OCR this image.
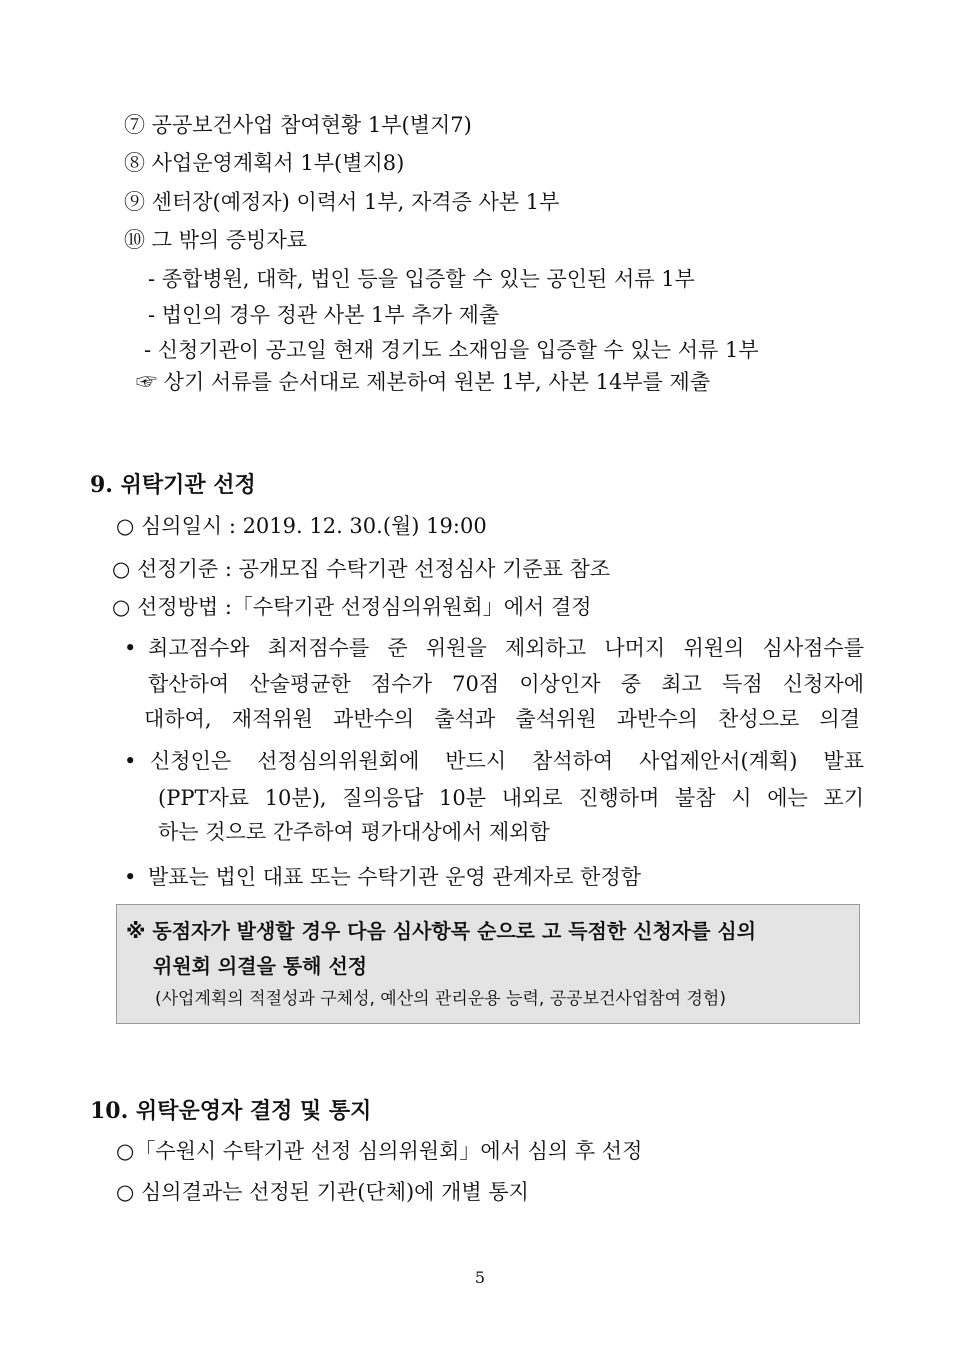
⑦ 공공보건사업 참여현황 1부(별지7)
⑧ 사업운영계획서 1부(별지8)
⑨ 센터장(예정자) 이력서 1부, 자격증 사본 1부
⑩ 그 밖의 증빙자료
- 종합병원, 대학, 법인 등을 입증할 수 있는 공인된 서류 1부
- 법인의 경우 정관 사본 1부 추가 제출
- 신청기관이 공고일 현재 경기도 소재임을 입증할 수 있는 서류 1부
☞ 상기 서류를 순서대로 제본하여 원본 1부, 사본 14부를 제출
9. 위탁기관 선정
○ 심의일시 : 2019. 12. 30.(월) 19:00
○ 선정기준 : 공개모집 수탁기관 선정심사 기준표 참조
○ 선정방법 :「수탁기관 선정심의위원회」에서 결정
• 최고점수와 최저점수를 준 위원을 제외하고 나머지 위원의 심사점수를
합산하여 산술평균한 점수가 70점 이상인자 중 최고 득점 신청자에
대하여, 재적위원 과반수의 출석과 출석위원 과반수의 찬성으로 의결
• 신청인은 선정심의위원회에 반드시 참석하여 사업제안서(계획) 발표
(PPT자료 10분), 질의응답 10분 내외로 진행하며 불참 시 에는 포기
하는 것으로 간주하여 평가대상에서 제외함
• 발표는 법인 대표 또는 수탁기관 운영 관계자로 한정함
※ 동점자가 발생할 경우 다음 심사항목 순으로 고 득점한 신청자를 심의
위원회 의결을 통해 선정
(사업계획의 적절성과 구체성, 예산의 관리운용 능력, 공공보건사업참여 경험)
10. 위탁운영자 결정 및 통지
○「수원시 수탁기관 선정 심의위원회」에서 심의 후 선정
○ 심의결과는 선정된 기관(단체)에 개별 통지
5
